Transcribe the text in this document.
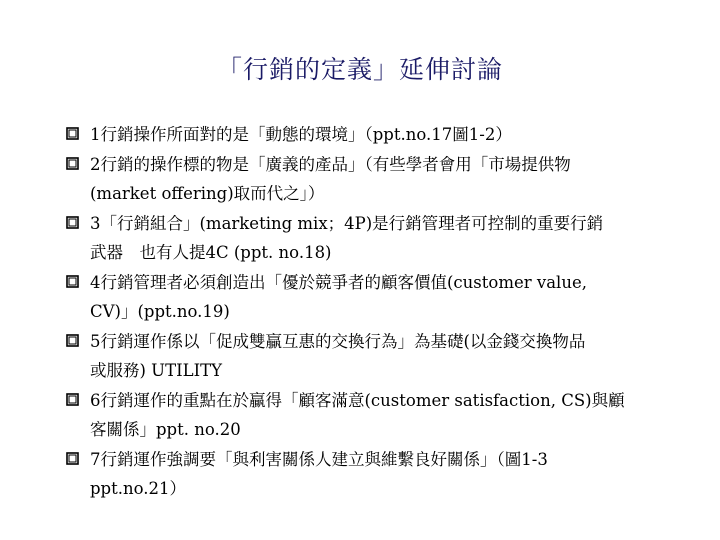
「行銷的定義」延伸討論
1行銷操作所面對的是「動態的環境」（ppt.no.17圖1-2）
2行銷的操作標的物是「廣義的產品」（有些學者會用「市場提供物
(market offering)取而代之」）
3「行銷組合」(marketing mix；4P)是行銷管理者可控制的重要行銷
武器　也有人提4C (ppt. no.18)
4行銷管理者必須創造出「優於競爭者的顧客價值(customer value,
CV)」(ppt.no.19)
5行銷運作係以「促成雙贏互惠的交換行為」為基礎(以金錢交換物品
或服務) UTILITY
6行銷運作的重點在於贏得「顧客滿意(customer satisfaction, CS)與顧
客關係」ppt. no.20
7行銷運作強調要「與利害關係人建立與維繫良好關係」（圖1-3
ppt.no.21）
